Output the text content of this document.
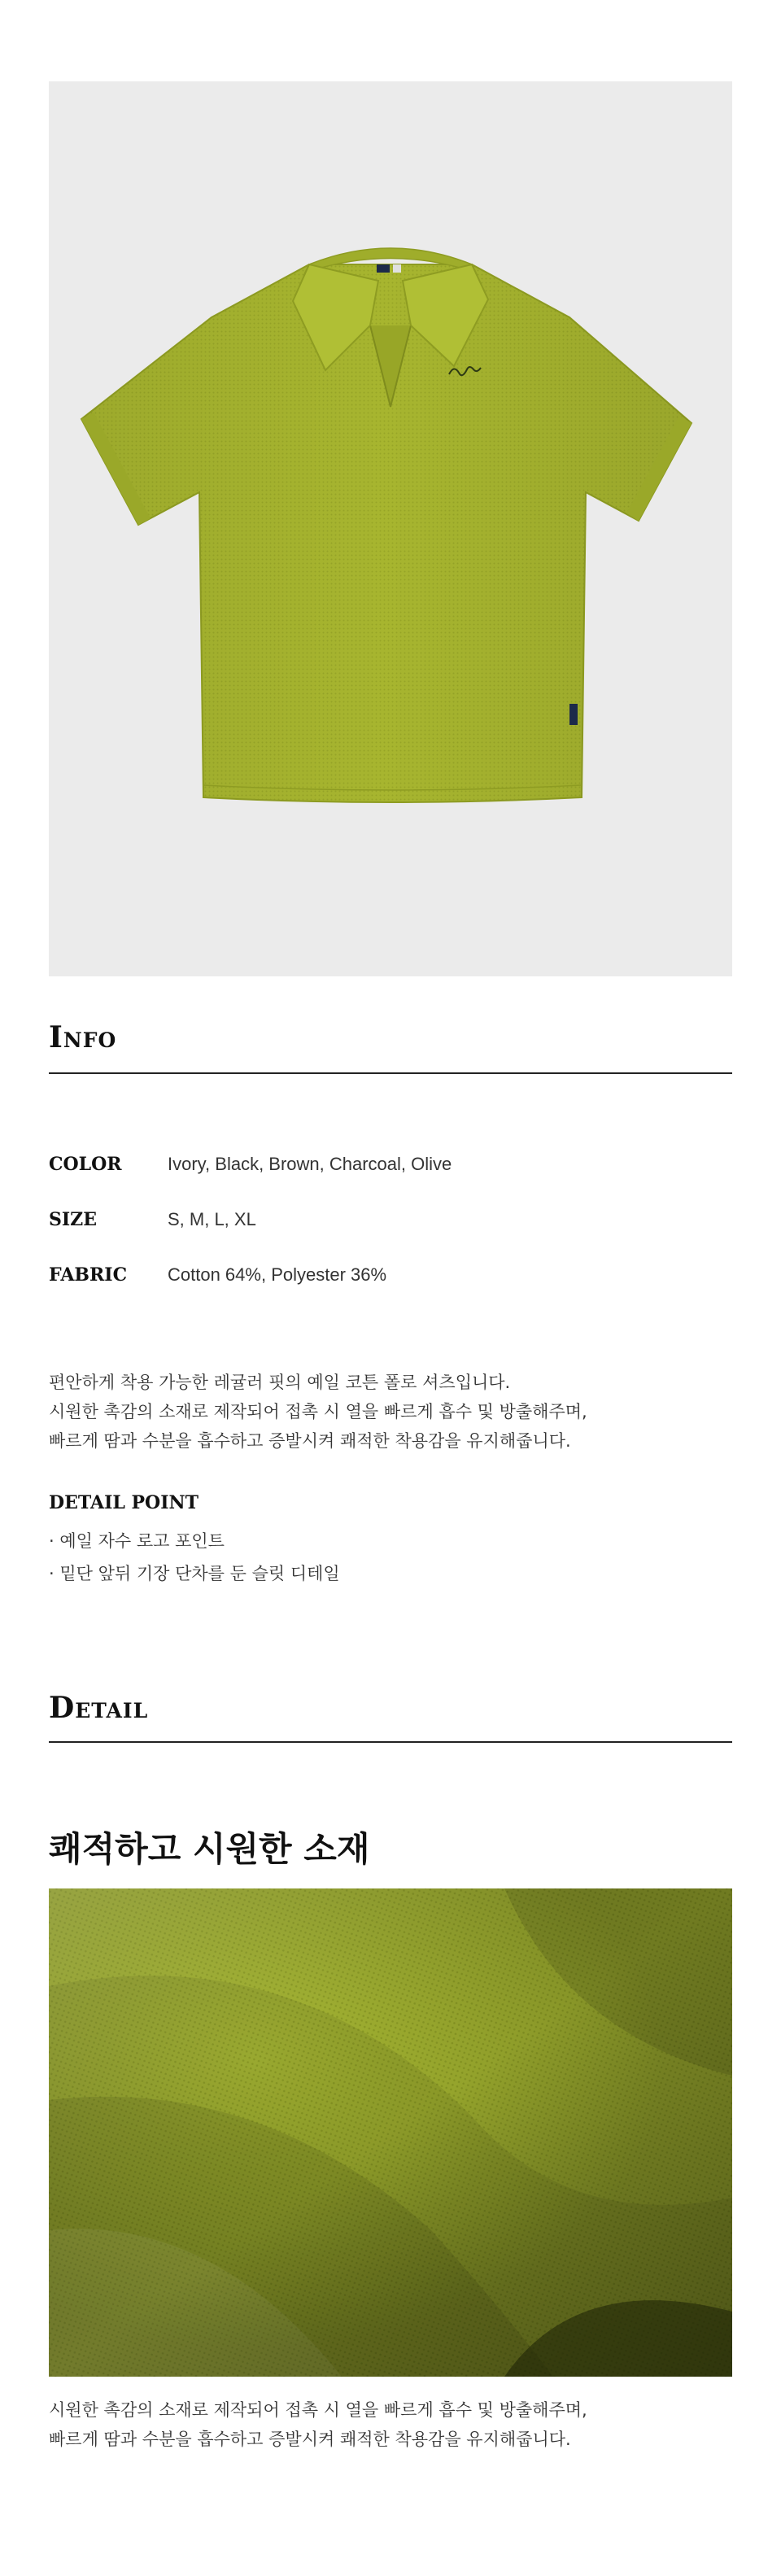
Info
COLOR	Ivory, Black, Brown, Charcoal, Olive
SIZE	S, M, L, XL
FABRIC	Cotton 64%, Polyester 36%

편안하게 착용 가능한 레귤러 핏의 예일 코튼 폴로 셔츠입니다.

시원한 촉감의 소재로 제작되어 접촉 시 열을 빠르게 흡수 및 방출해주며,

빠르게 땀과 수분을 흡수하고 증발시켜 쾌적한 착용감을 유지해줍니다.

DETAIL POINT
· 예일 자수 로고 포인트
· 밑단 앞뒤 기장 단차를 둔 슬릿 디테일
Detail
쾌적하고 시원한 소재

시원한 촉감의 소재로 제작되어 접촉 시 열을 빠르게 흡수 및 방출해주며,

빠르게 땀과 수분을 흡수하고 증발시켜 쾌적한 착용감을 유지해줍니다.
